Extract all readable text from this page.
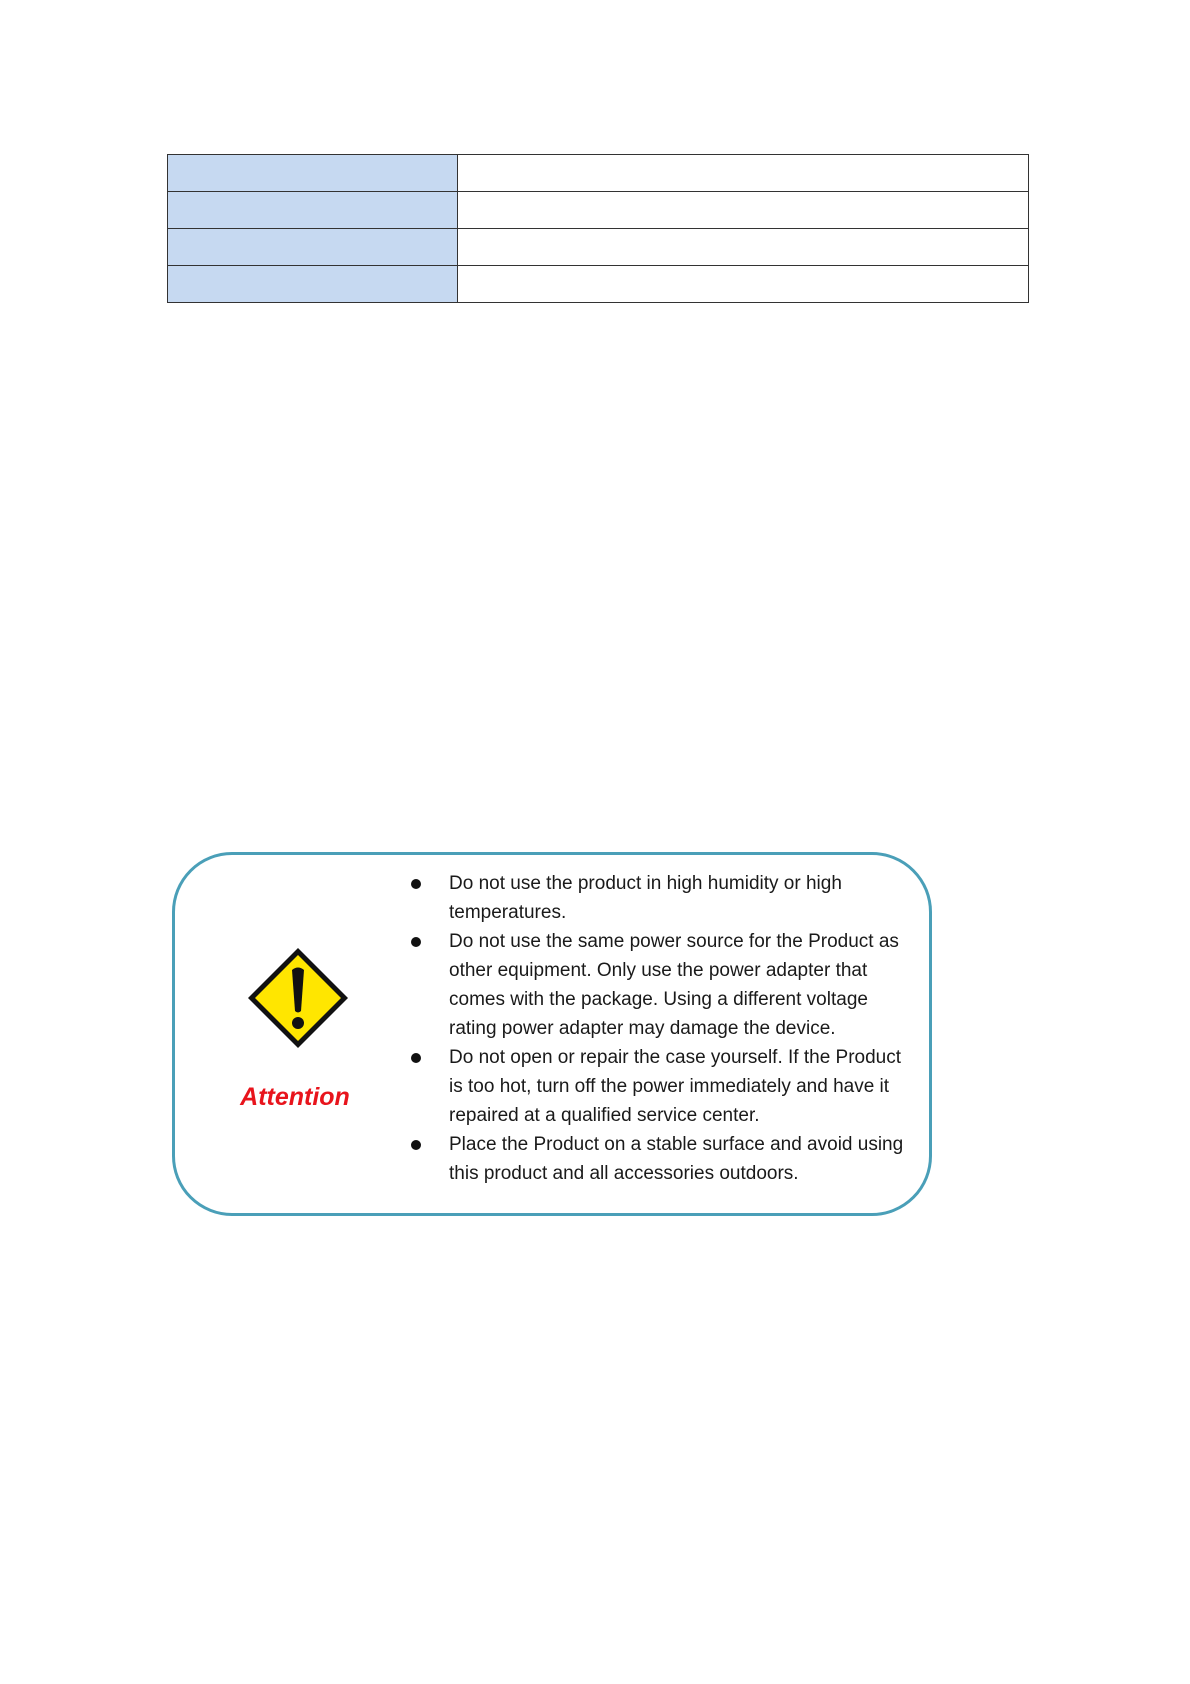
Attention
Do not use the product in high humidity or high temperatures.
Do not use the same power source for the Product as other equipment. Only use the power adapter that comes with the package. Using a different voltage rating power adapter may damage the device.
Do not open or repair the case yourself. If the Product is too hot, turn off the power immediately and have it repaired at a qualified service center.
Place the Product on a stable surface and avoid using this product and all accessories outdoors.
